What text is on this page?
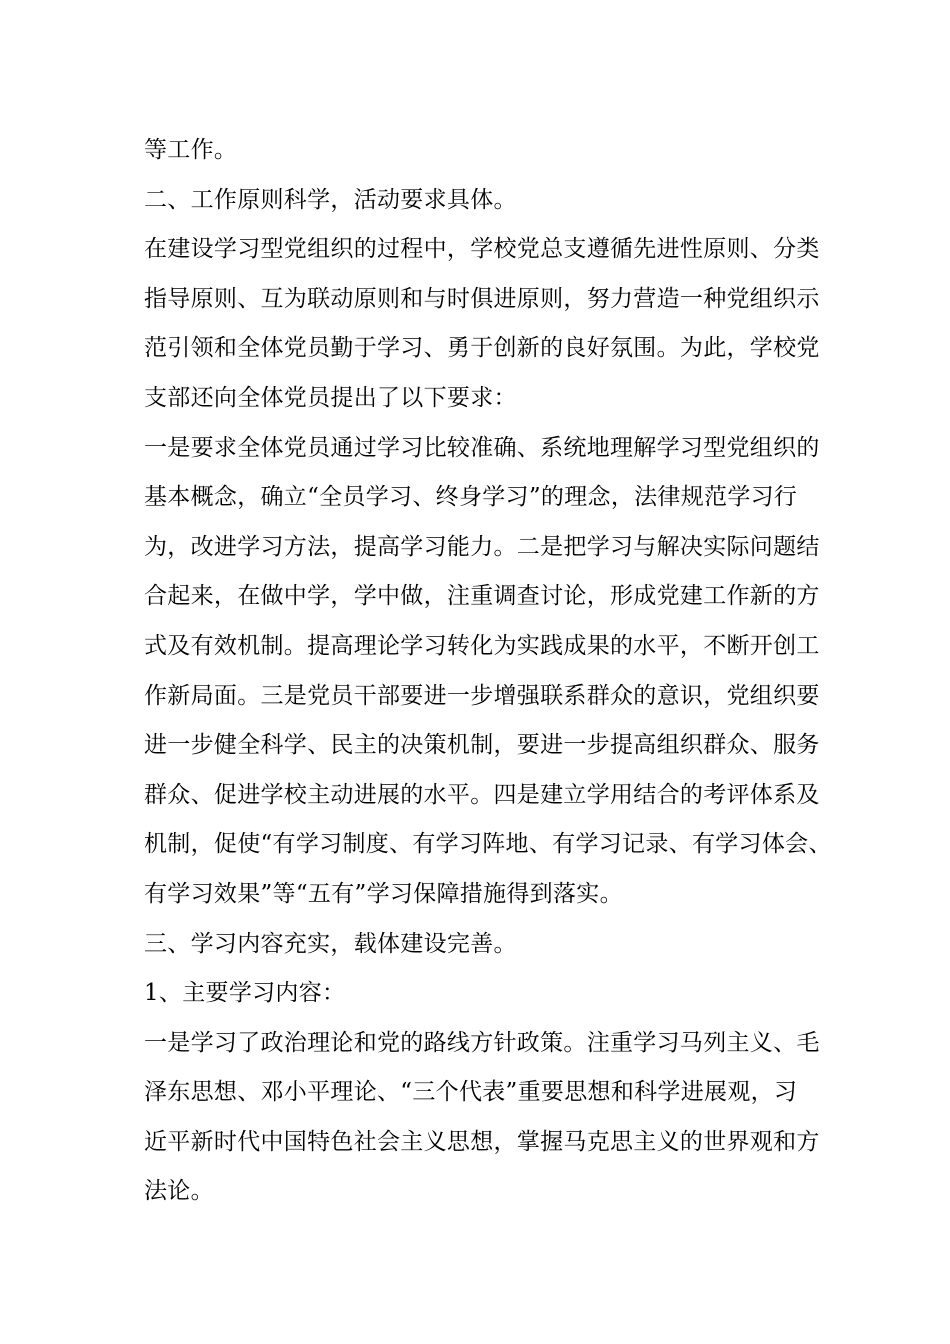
等工作。
二、工作原则科学，活动要求具体。
在建设学习型党组织的过程中，学校党总支遵循先进性原则、分类
指导原则、互为联动原则和与时俱进原则，努力营造一种党组织示
范引领和全体党员勤于学习、勇于创新的良好氛围。为此，学校党
支部还向全体党员提出了以下要求：
一是要求全体党员通过学习比较准确、系统地理解学习型党组织的
基本概念，确立“全员学习、终身学习”的理念，法律规范学习行
为，改进学习方法，提高学习能力。二是把学习与解决实际问题结
合起来，在做中学，学中做，注重调查讨论，形成党建工作新的方
式及有效机制。提高理论学习转化为实践成果的水平，不断开创工
作新局面。三是党员干部要进一步增强联系群众的意识，党组织要
进一步健全科学、民主的决策机制，要进一步提高组织群众、服务
群众、促进学校主动进展的水平。四是建立学用结合的考评体系及
机制，促使“有学习制度、有学习阵地、有学习记录、有学习体会、
有学习效果”等“五有”学习保障措施得到落实。
三、学习内容充实，载体建设完善。
1、主要学习内容：
一是学习了政治理论和党的路线方针政策。注重学习马列主义、毛
泽东思想、邓小平理论、“三个代表”重要思想和科学进展观，习
近平新时代中国特色社会主义思想，掌握马克思主义的世界观和方
法论。
